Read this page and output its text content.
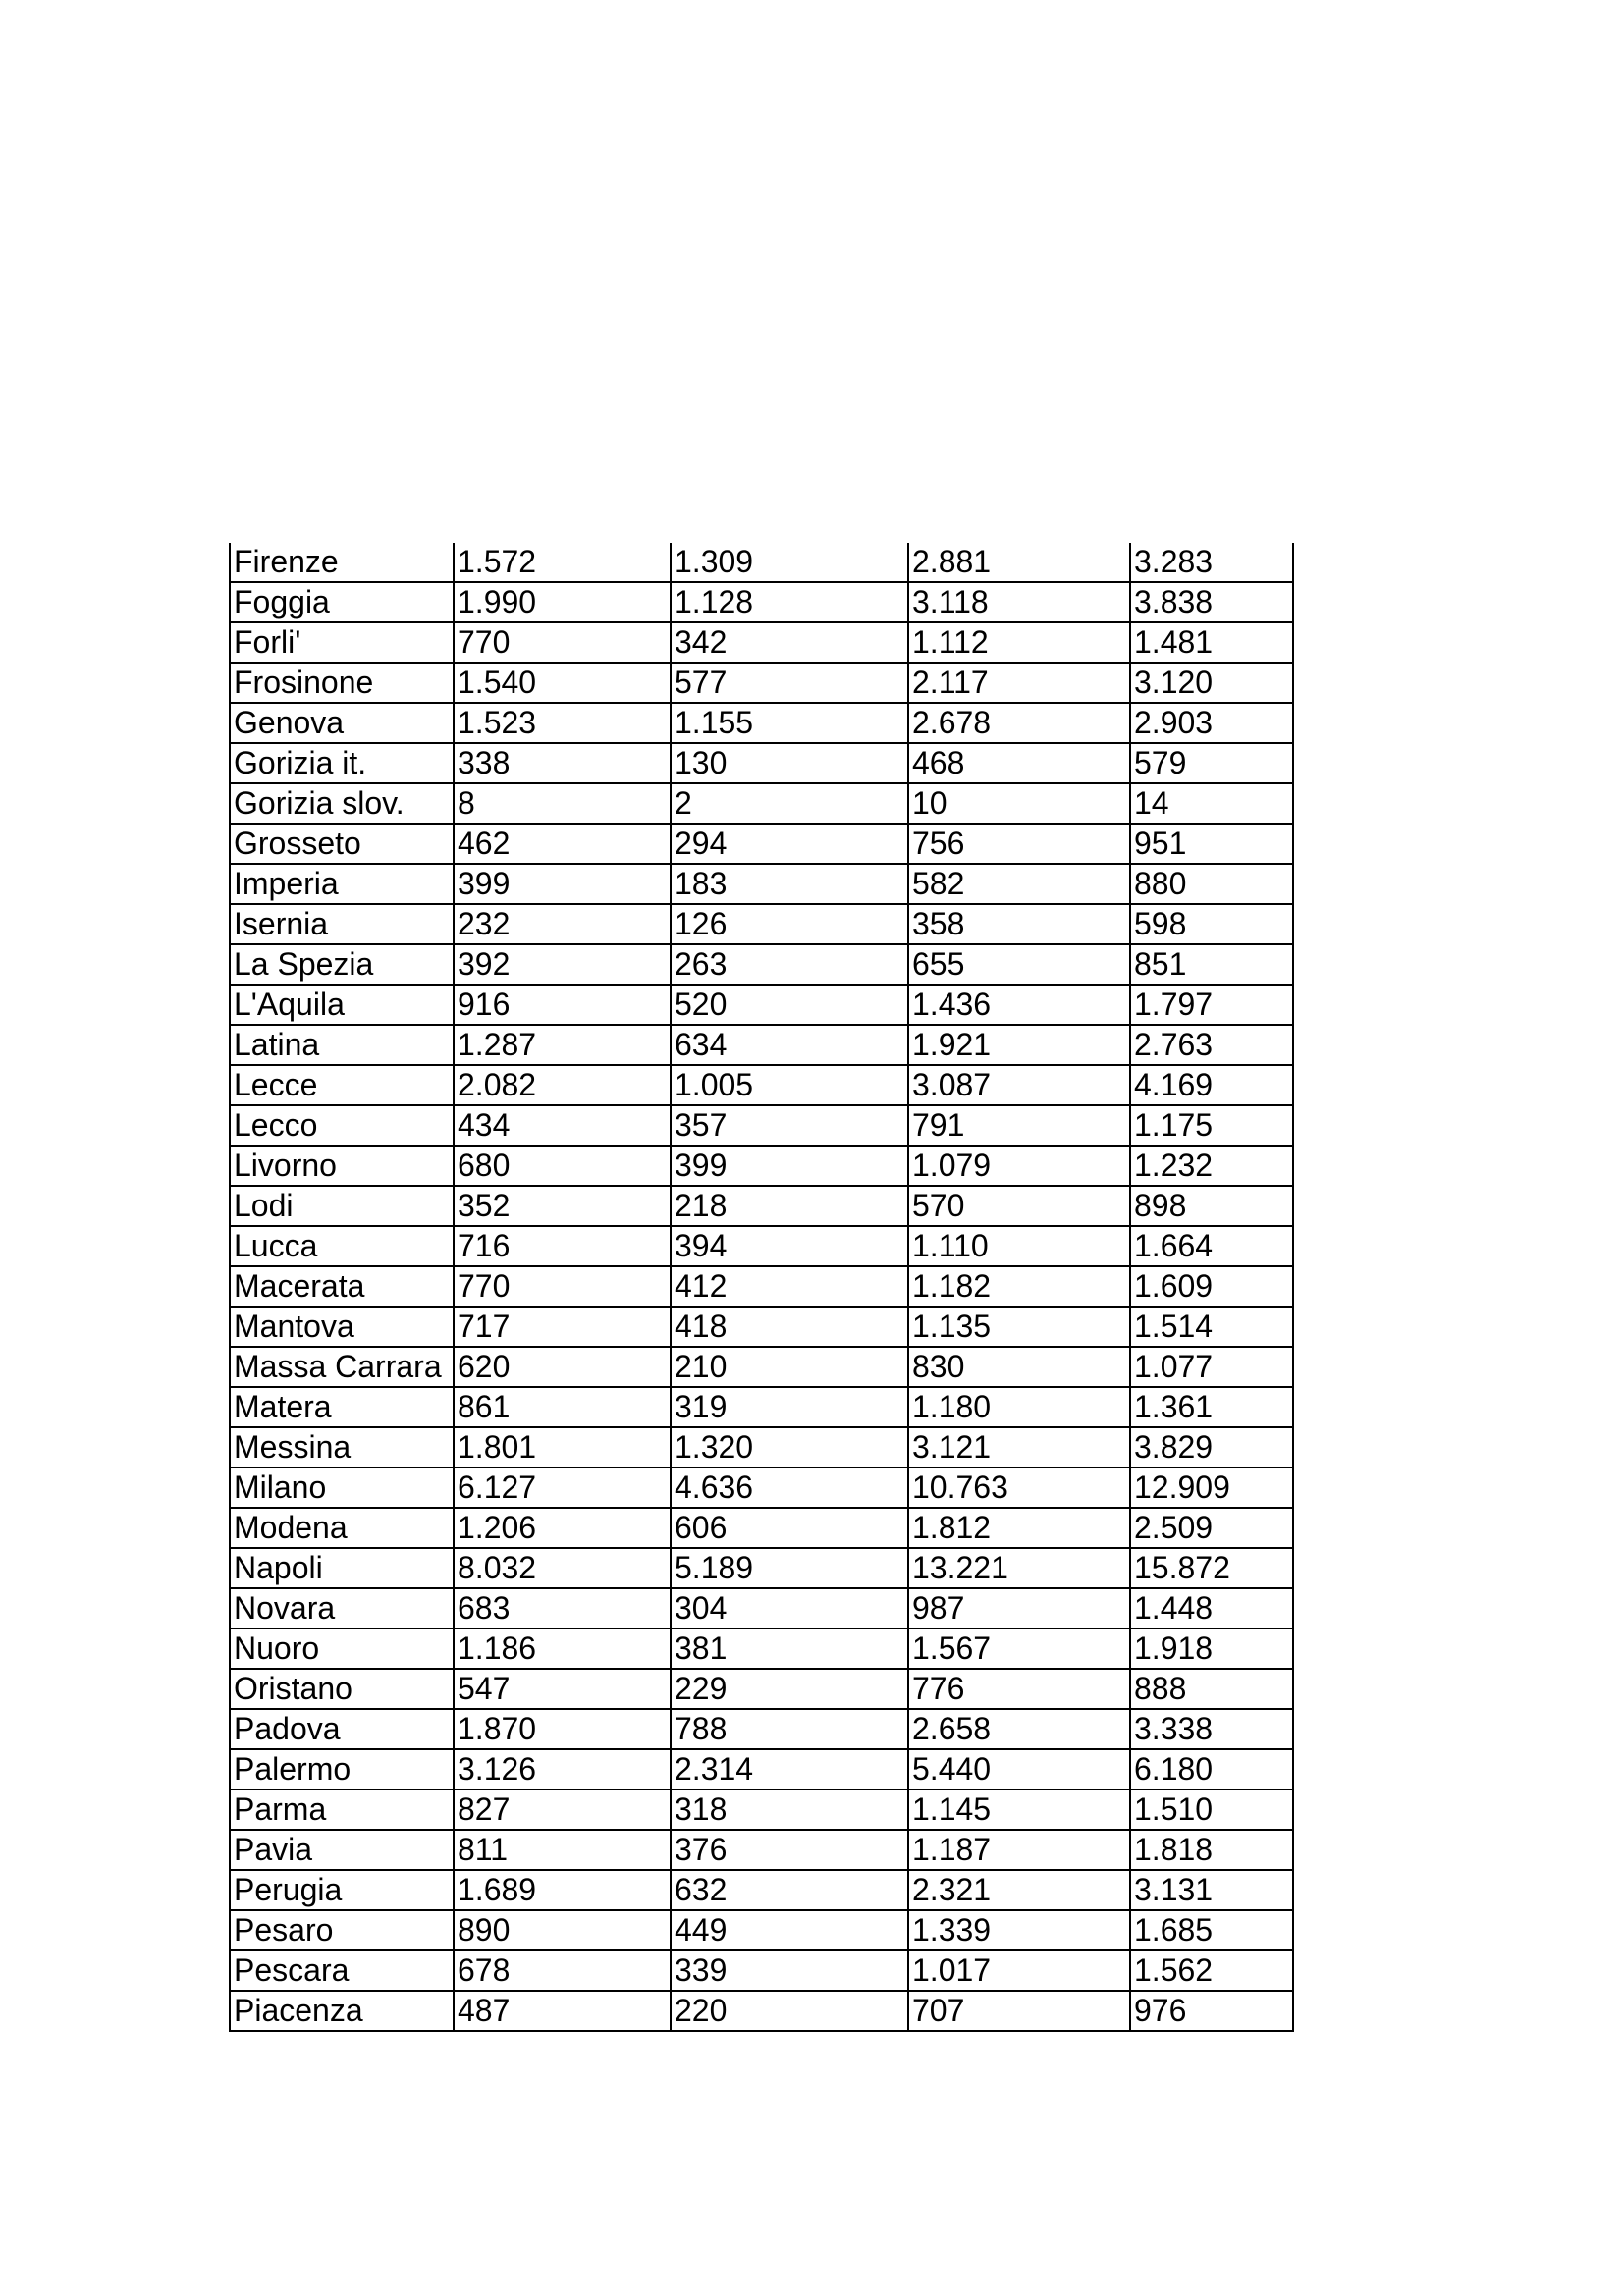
Firenze	1.572	1.309	2.881	3.283
Foggia	1.990	1.128	3.118	3.838
Forli'	770	342	1.112	1.481
Frosinone	1.540	577	2.117	3.120
Genova	1.523	1.155	2.678	2.903
Gorizia it.	338	130	468	579
Gorizia slov.	8	2	10	14
Grosseto	462	294	756	951
Imperia	399	183	582	880
Isernia	232	126	358	598
La Spezia	392	263	655	851
L'Aquila	916	520	1.436	1.797
Latina	1.287	634	1.921	2.763
Lecce	2.082	1.005	3.087	4.169
Lecco	434	357	791	1.175
Livorno	680	399	1.079	1.232
Lodi	352	218	570	898
Lucca	716	394	1.110	1.664
Macerata	770	412	1.182	1.609
Mantova	717	418	1.135	1.514
Massa Carrara	620	210	830	1.077
Matera	861	319	1.180	1.361
Messina	1.801	1.320	3.121	3.829
Milano	6.127	4.636	10.763	12.909
Modena	1.206	606	1.812	2.509
Napoli	8.032	5.189	13.221	15.872
Novara	683	304	987	1.448
Nuoro	1.186	381	1.567	1.918
Oristano	547	229	776	888
Padova	1.870	788	2.658	3.338
Palermo	3.126	2.314	5.440	6.180
Parma	827	318	1.145	1.510
Pavia	811	376	1.187	1.818
Perugia	1.689	632	2.321	3.131
Pesaro	890	449	1.339	1.685
Pescara	678	339	1.017	1.562
Piacenza	487	220	707	976
